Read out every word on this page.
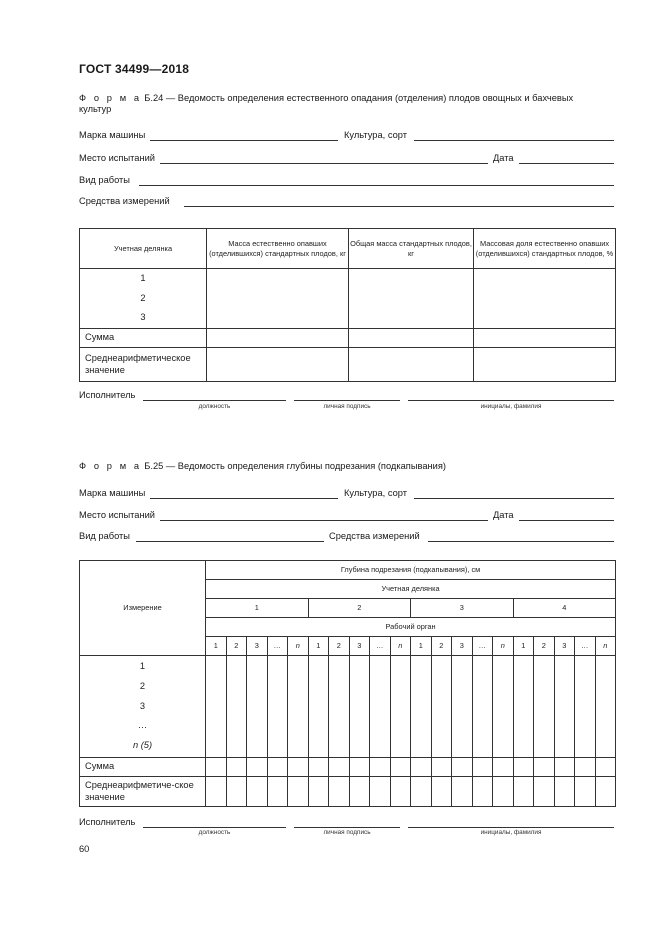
ГОСТ 34499—2018
Ф о р м а Б.24 — Ведомость определения естественного опадания (отделения) плодов овощных и бахчевых
культур
Марка машины	Культура, сорт
Место испытаний	Дата
Вид работы
Средства измерений
Учетная делянка	Масса естественно опавших (отделившихся) стандартных плодов, кг	Общая масса стандартных плодов, кг	Массовая доля естественно опавших (отделившихся) стандартных плодов, %

1
2
3			

Сумма			
Среднеарифметическое значение			
Исполнитель
должность	личная подпись	инициалы, фамилия
Ф о р м а Б.25 — Ведомость определения глубины подрезания (подкапывания)
Марка машины	Культура, сорт
Место испытаний	Дата
Вид работы	Средства измерений
Измерение	Глубина подрезания (подкапывания), см																			
	Учетная делянка																			
	1					2					3					4				
	Рабочий орган																			
	1	2	3	…	n	1	2	3	…	n	1	2	3	…	n	1	2	3	…	n

1
2
3
…
n (5)																				

Сумма																				
Среднеарифметиче-ское значение																				
Исполнитель
должность	личная подпись	инициалы, фамилия
60
